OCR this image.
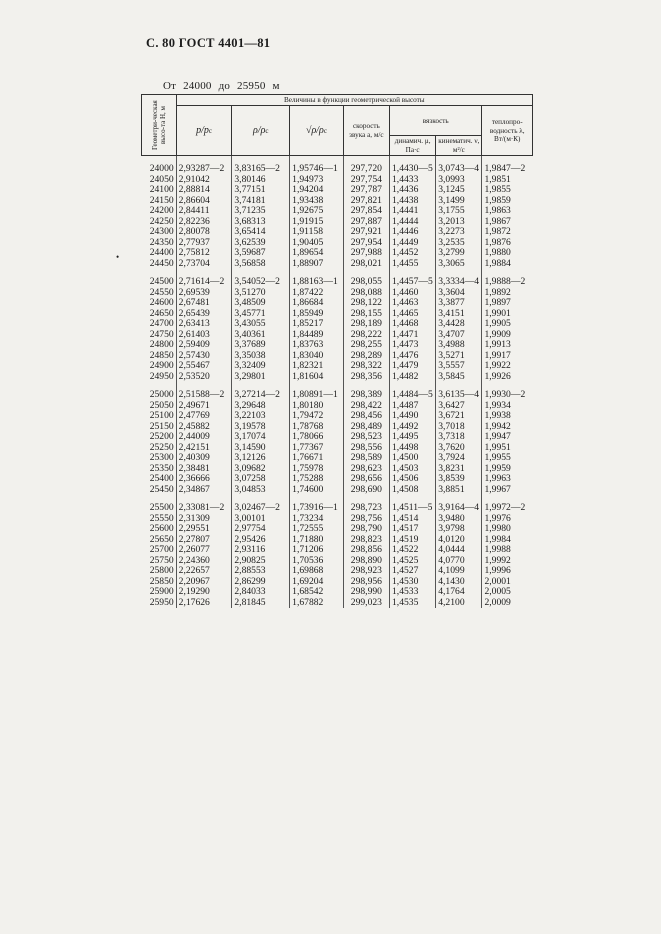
С. 80 ГОСТ 4401—81
От 24000 до 25950 м
•
Геометри-ческая высо-та H, м	Величины в функции геометрической высоты						
	p/pc	ρ/ρc	√ρ/ρc	скорость звука a, м/с	вязкость		теплопро-водность λ, Вт/(м·К)
					динамич. μ, Па·с	кинематич. ν, м²/с	

24000	2,93287—2	3,83165—2	1,95746—1	297,720	1,4430—5	3,0743—4	1,9847—2
24050	2,91042	3,80146	1,94973	297,754	1,4433	3,0993	1,9851
24100	2,88814	3,77151	1,94204	297,787	1,4436	3,1245	1,9855
24150	2,86604	3,74181	1,93438	297,821	1,4438	3,1499	1,9859
24200	2,84411	3,71235	1,92675	297,854	1,4441	3,1755	1,9863
24250	2,82236	3,68313	1,91915	297,887	1,4444	3,2013	1,9867
24300	2,80078	3,65414	1,91158	297,921	1,4446	3,2273	1,9872
24350	2,77937	3,62539	1,90405	297,954	1,4449	3,2535	1,9876
24400	2,75812	3,59687	1,89654	297,988	1,4452	3,2799	1,9880
24450	2,73704	3,56858	1,88907	298,021	1,4455	3,3065	1,9884

24500	2,71614—2	3,54052—2	1,88163—1	298,055	1,4457—5	3,3334—4	1,9888—2
24550	2,69539	3,51270	1,87422	298,088	1,4460	3,3604	1,9892
24600	2,67481	3,48509	1,86684	298,122	1,4463	3,3877	1,9897
24650	2,65439	3,45771	1,85949	298,155	1,4465	3,4151	1,9901
24700	2,63413	3,43055	1,85217	298,189	1,4468	3,4428	1,9905
24750	2,61403	3,40361	1,84489	298,222	1,4471	3,4707	1,9909
24800	2,59409	3,37689	1,83763	298,255	1,4473	3,4988	1,9913
24850	2,57430	3,35038	1,83040	298,289	1,4476	3,5271	1,9917
24900	2,55467	3,32409	1,82321	298,322	1,4479	3,5557	1,9922
24950	2,53520	3,29801	1,81604	298,356	1,4482	3,5845	1,9926

25000	2,51588—2	3,27214—2	1,80891—1	298,389	1,4484—5	3,6135—4	1,9930—2
25050	2,49671	3,29648	1,80180	298,422	1,4487	3,6427	1,9934
25100	2,47769	3,22103	1,79472	298,456	1,4490	3,6721	1,9938
25150	2,45882	3,19578	1,78768	298,489	1,4492	3,7018	1,9942
25200	2,44009	3,17074	1,78066	298,523	1,4495	3,7318	1,9947
25250	2,42151	3,14590	1,77367	298,556	1,4498	3,7620	1,9951
25300	2,40309	3,12126	1,76671	298,589	1,4500	3,7924	1,9955
25350	2,38481	3,09682	1,75978	298,623	1,4503	3,8231	1,9959
25400	2,36666	3,07258	1,75288	298,656	1,4506	3,8539	1,9963
25450	2,34867	3,04853	1,74600	298,690	1,4508	3,8851	1,9967

25500	2,33081—2	3,02467—2	1,73916—1	298,723	1,4511—5	3,9164—4	1,9972—2
25550	2,31309	3,00101	1,73234	298,756	1,4514	3,9480	1,9976
25600	2,29551	2,97754	1,72555	298,790	1,4517	3,9798	1,9980
25650	2,27807	2,95426	1,71880	298,823	1,4519	4,0120	1,9984
25700	2,26077	2,93116	1,71206	298,856	1,4522	4,0444	1,9988
25750	2,24360	2,90825	1,70536	298,890	1,4525	4,0770	1,9992
25800	2,22657	2,88553	1,69868	298,923	1,4527	4,1099	1,9996
25850	2,20967	2,86299	1,69204	298,956	1,4530	4,1430	2,0001
25900	2,19290	2,84033	1,68542	298,990	1,4533	4,1764	2,0005
25950	2,17626	2,81845	1,67882	299,023	1,4535	4,2100	2,0009
